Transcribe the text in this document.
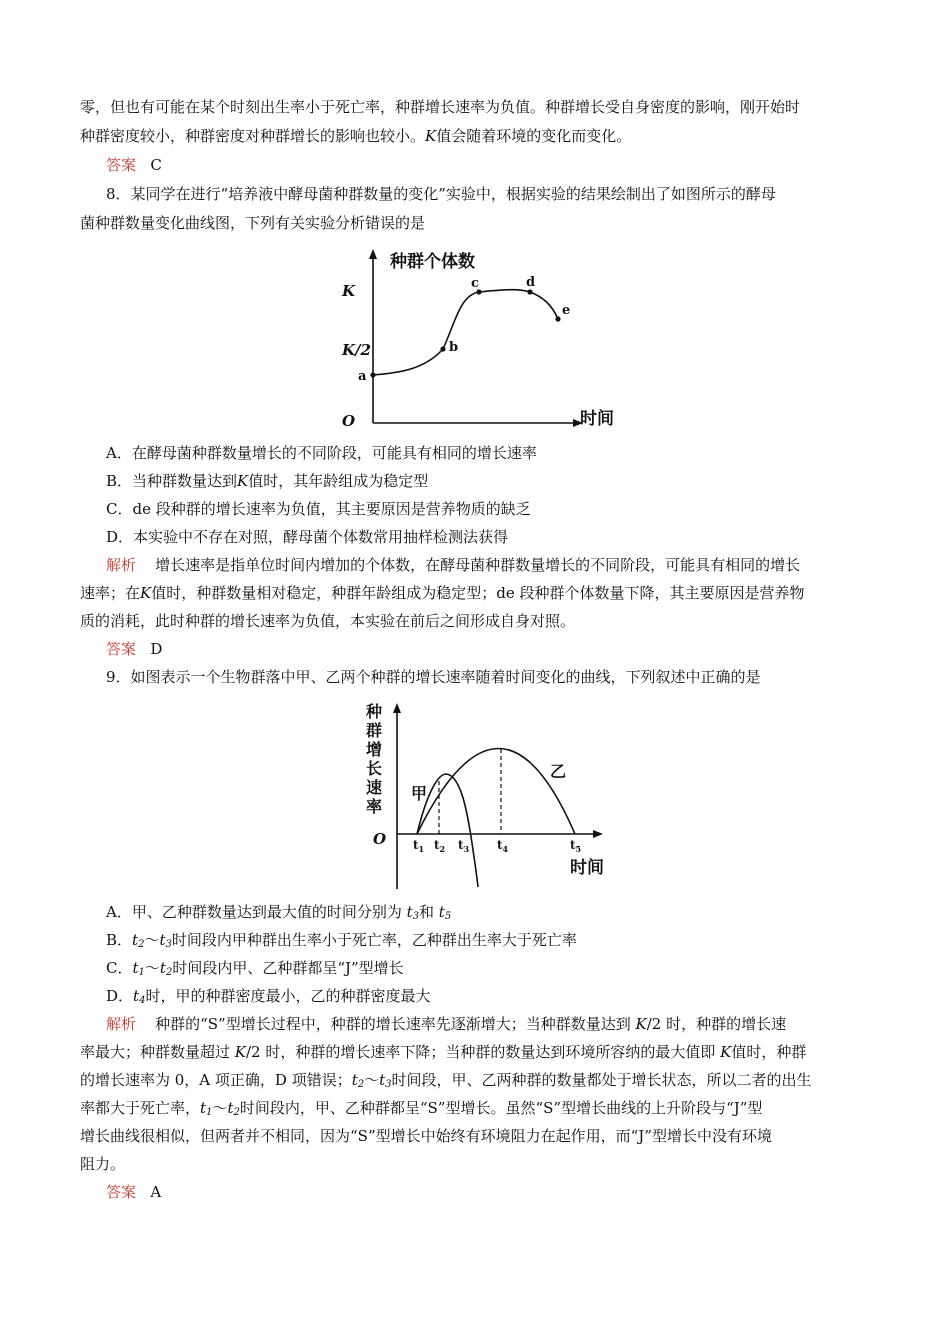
零，但也有可能在某个时刻出生率小于死亡率，种群增长速率为负值。种群增长受自身密度的影响，刚开始时

种群密度较小，种群密度对种群增长的影响也较小。K值会随着环境的变化而变化。

答案 C

8．某同学在进行“培养液中酵母菌种群数量的变化”实验中，根据实验的结果绘制出了如图所示的酵母

菌种群数量变化曲线图，下列有关实验分析错误的是

种群个体数
时间
O
K
K/2
a
b
c	d
e

A．在酵母菌种群数量增长的不同阶段，可能具有相同的增长速率

B．当种群数量达到K值时，其年龄组成为稳定型

C．de 段种群的增长速率为负值，其主要原因是营养物质的缺乏

D．本实验中不存在对照，酵母菌个体数常用抽样检测法获得

解析 增长速率是指单位时间内增加的个体数，在酵母菌种群数量增长的不同阶段，可能具有相同的增长

速率；在K值时，种群数量相对稳定，种群年龄组成为稳定型；de 段种群个体数量下降，其主要原因是营养物

质的消耗，此时种群的增长速率为负值，本实验在前后之间形成自身对照。

答案 D

9．如图表示一个生物群落中甲、乙两个种群的增长速率随着时间变化的曲线，下列叙述中正确的是

种
群
增
长
速
率
O
时间
甲
乙
$t_1$ $t_2$ $t_3$ $t_4$	$t_5$

A．甲、乙种群数量达到最大值的时间分别为 $t_3$和 $t_5$

B．$t_2\sim t_3$时间段内甲种群出生率小于死亡率，乙种群出生率大于死亡率

C．$t_1\sim t_2$时间段内甲、乙种群都呈“J”型增长

D．$t_4$时，甲的种群密度最小，乙的种群密度最大

解析 种群的“S”型增长过程中，种群的增长速率先逐渐增大；当种群数量达到 K/2 时，种群的增长速

率最大；种群数量超过 K/2 时，种群的增长速率下降；当种群的数量达到环境所容纳的最大值即 K值时，种群

的增长速率为 0，A 项正确，D 项错误；$t_2\sim t_3$时间段，甲、乙两种群的数量都处于增长状态，所以二者的出生

率都大于死亡率，$t_1\sim t_2$时间段内，甲、乙种群都呈“S”型增长。虽然“S”型增长曲线的上升阶段与“J”型

增长曲线很相似，但两者并不相同，因为“S”型增长中始终有环境阻力在起作用，而“J”型增长中没有环境

阻力。

答案 A
